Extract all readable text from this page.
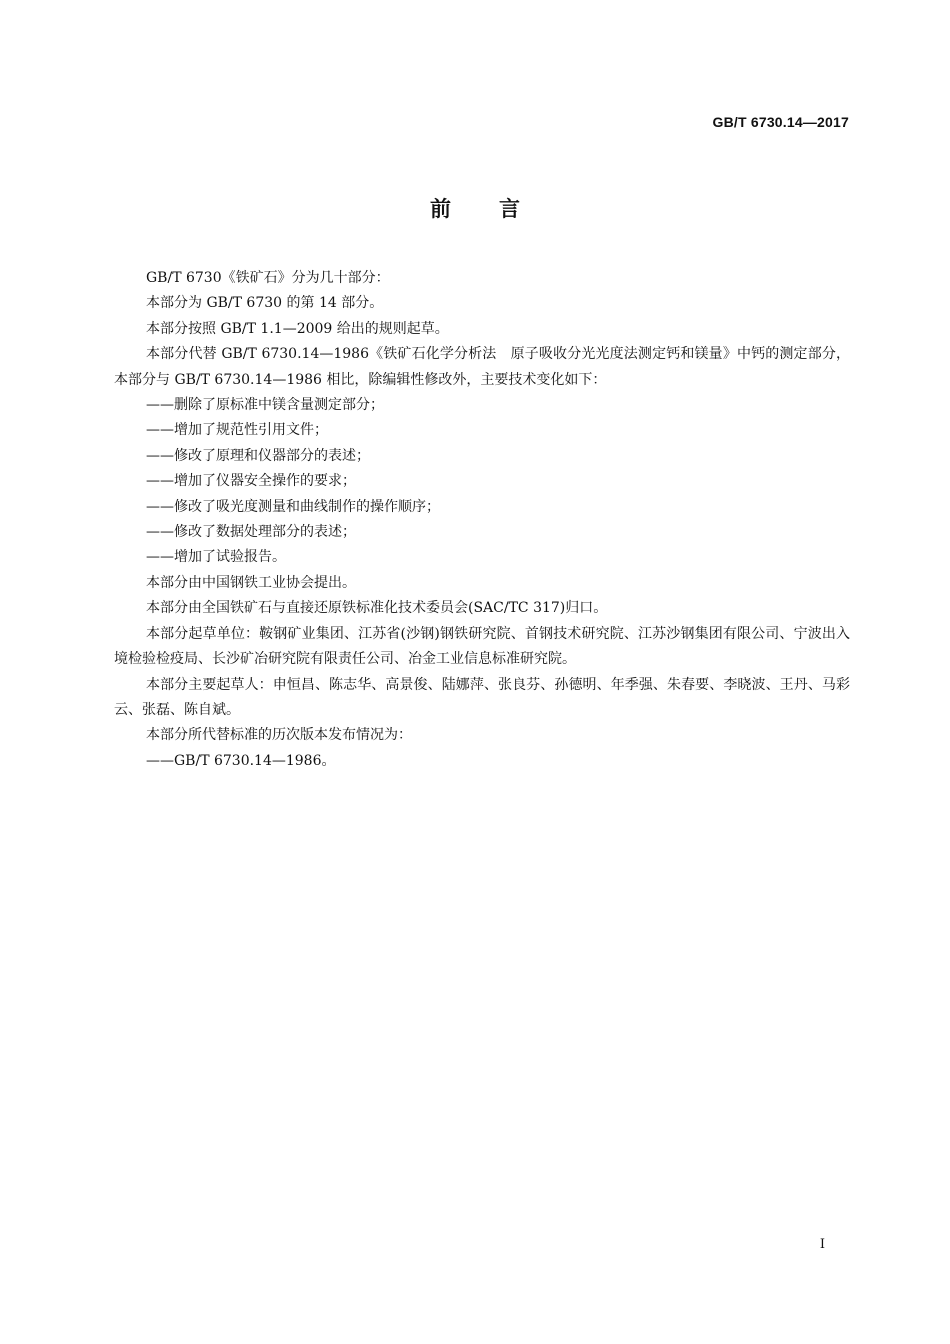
GB/T 6730.14—2017
前言

GB/T 6730《铁矿石》分为几十部分：

本部分为 GB/T 6730 的第 14 部分。

本部分按照 GB/T 1.1—2009 给出的规则起草。

本部分代替 GB/T 6730.14—1986《铁矿石化学分析法　原子吸收分光光度法测定钙和镁量》中钙的测定部分，本部分与 GB/T 6730.14—1986 相比，除编辑性修改外，主要技术变化如下：

——删除了原标准中镁含量测定部分；

——增加了规范性引用文件；

——修改了原理和仪器部分的表述；

——增加了仪器安全操作的要求；

——修改了吸光度测量和曲线制作的操作顺序；

——修改了数据处理部分的表述；

——增加了试验报告。

本部分由中国钢铁工业协会提出。

本部分由全国铁矿石与直接还原铁标准化技术委员会(SAC/TC 317)归口。

本部分起草单位：鞍钢矿业集团、江苏省(沙钢)钢铁研究院、首钢技术研究院、江苏沙钢集团有限公司、宁波出入境检验检疫局、长沙矿冶研究院有限责任公司、冶金工业信息标准研究院。

本部分主要起草人：申恒昌、陈志华、高景俊、陆娜萍、张良芬、孙德明、年季强、朱春要、李晓波、王丹、马彩云、张磊、陈自斌。

本部分所代替标准的历次版本发布情况为：

——GB/T 6730.14—1986。

I
